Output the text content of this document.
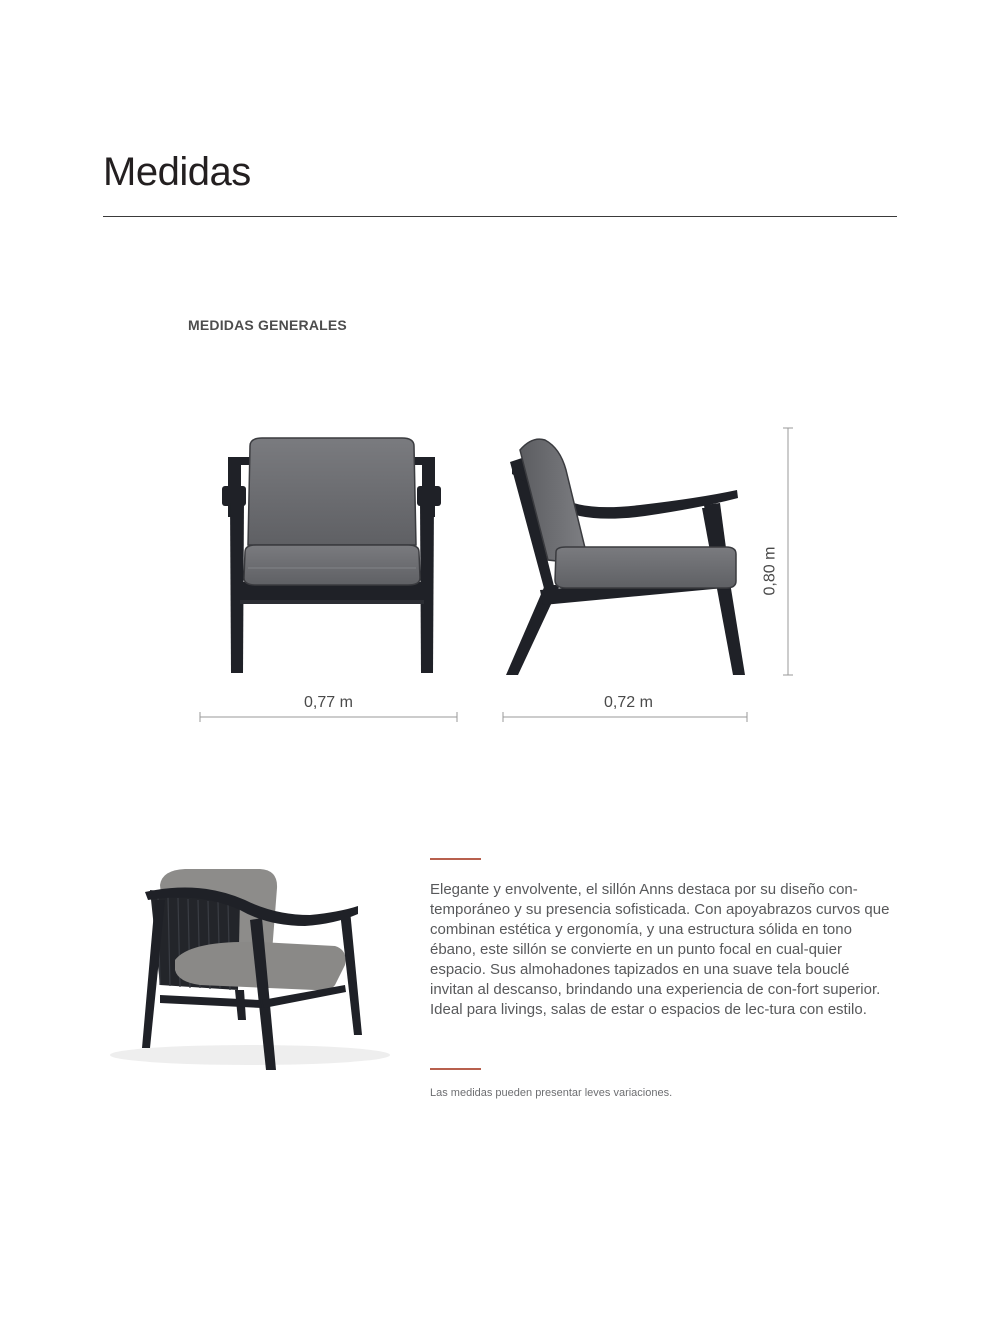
Medidas
MEDIDAS GENERALES
0,77 m	0,72 m
0,80 m

Elegante y envolvente, el sillón Anns destaca por su diseño con-temporáneo y su presencia sofisticada. Con apoyabrazos curvos que combinan estética y ergonomía, y una estructura sólida en tono ébano, este sillón se convierte en un punto focal en cual-quier espacio. Sus almohadones tapizados en una suave tela bouclé invitan al descanso, brindando una experiencia de con-fort superior. Ideal para livings, salas de estar o espacios de lec-tura con estilo.

Las medidas pueden presentar leves variaciones.
